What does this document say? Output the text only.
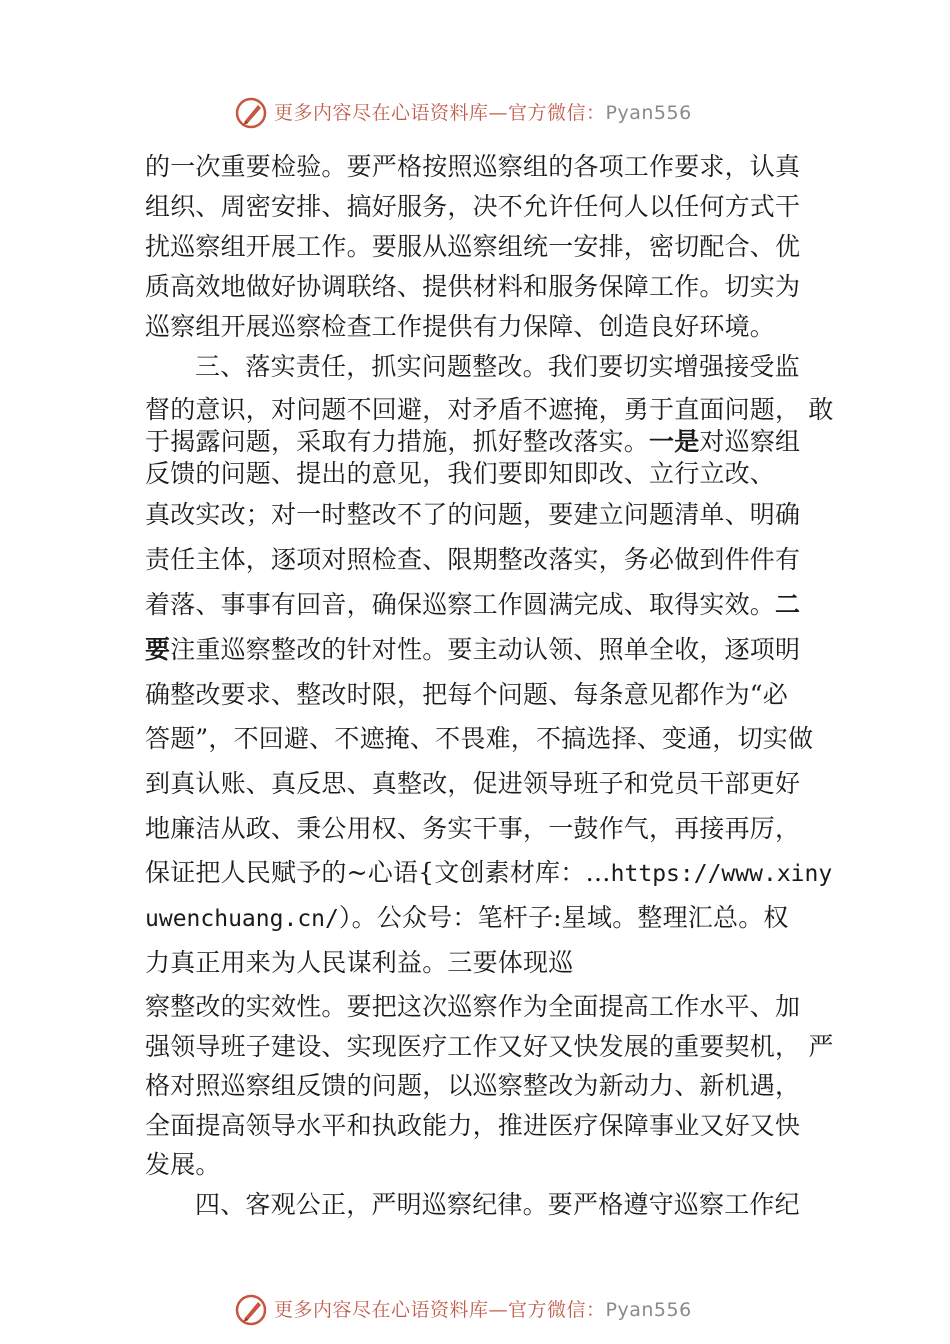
更多内容尽在心语资料库—官方微信：Pyan556
的一次重要检验。要严格按照巡察组的各项工作要求，认真
组织、周密安排、搞好服务，决不允许任何人以任何方式干
扰巡察组开展工作。要服从巡察组统一安排，密切配合、优
质高效地做好协调联络、提供材料和服务保障工作。切实为
巡察组开展巡察检查工作提供有力保障、创造良好环境。
三、落实责任，抓实问题整改。我们要切实增强接受监
督的意识，对问题不回避，对矛盾不遮掩，勇于直面问题， 敢
于揭露问题，采取有力措施，抓好整改落实。一是对巡察组
反馈的问题、提出的意见，我们要即知即改、立行立改、
真改实改；对一时整改不了的问题，要建立问题清单、明确
责任主体，逐项对照检查、限期整改落实，务必做到件件有
着落、事事有回音，确保巡察工作圆满完成、取得实效。二
要注重巡察整改的针对性。要主动认领、照单全收，逐项明
确整改要求、整改时限，把每个问题、每条意见都作为“必
答题”，不回避、不遮掩、不畏难，不搞选择、变通，切实做
到真认账、真反思、真整改，促进领导班子和党员干部更好
地廉洁从政、秉公用权、务实干事，一鼓作气，再接再厉，
保证把人民赋予的~心语{文创素材库：…https://www.xiny
uwenchuang.cn/）。公众号：笔杆子:星域。整理汇总。权
力真正用来为人民谋利益。三要体现巡
察整改的实效性。要把这次巡察作为全面提高工作水平、加
强领导班子建设、实现医疗工作又好又快发展的重要契机， 严
格对照巡察组反馈的问题，以巡察整改为新动力、新机遇，
全面提高领导水平和执政能力，推进医疗保障事业又好又快
发展。
四、客观公正，严明巡察纪律。要严格遵守巡察工作纪
更多内容尽在心语资料库—官方微信：Pyan556
